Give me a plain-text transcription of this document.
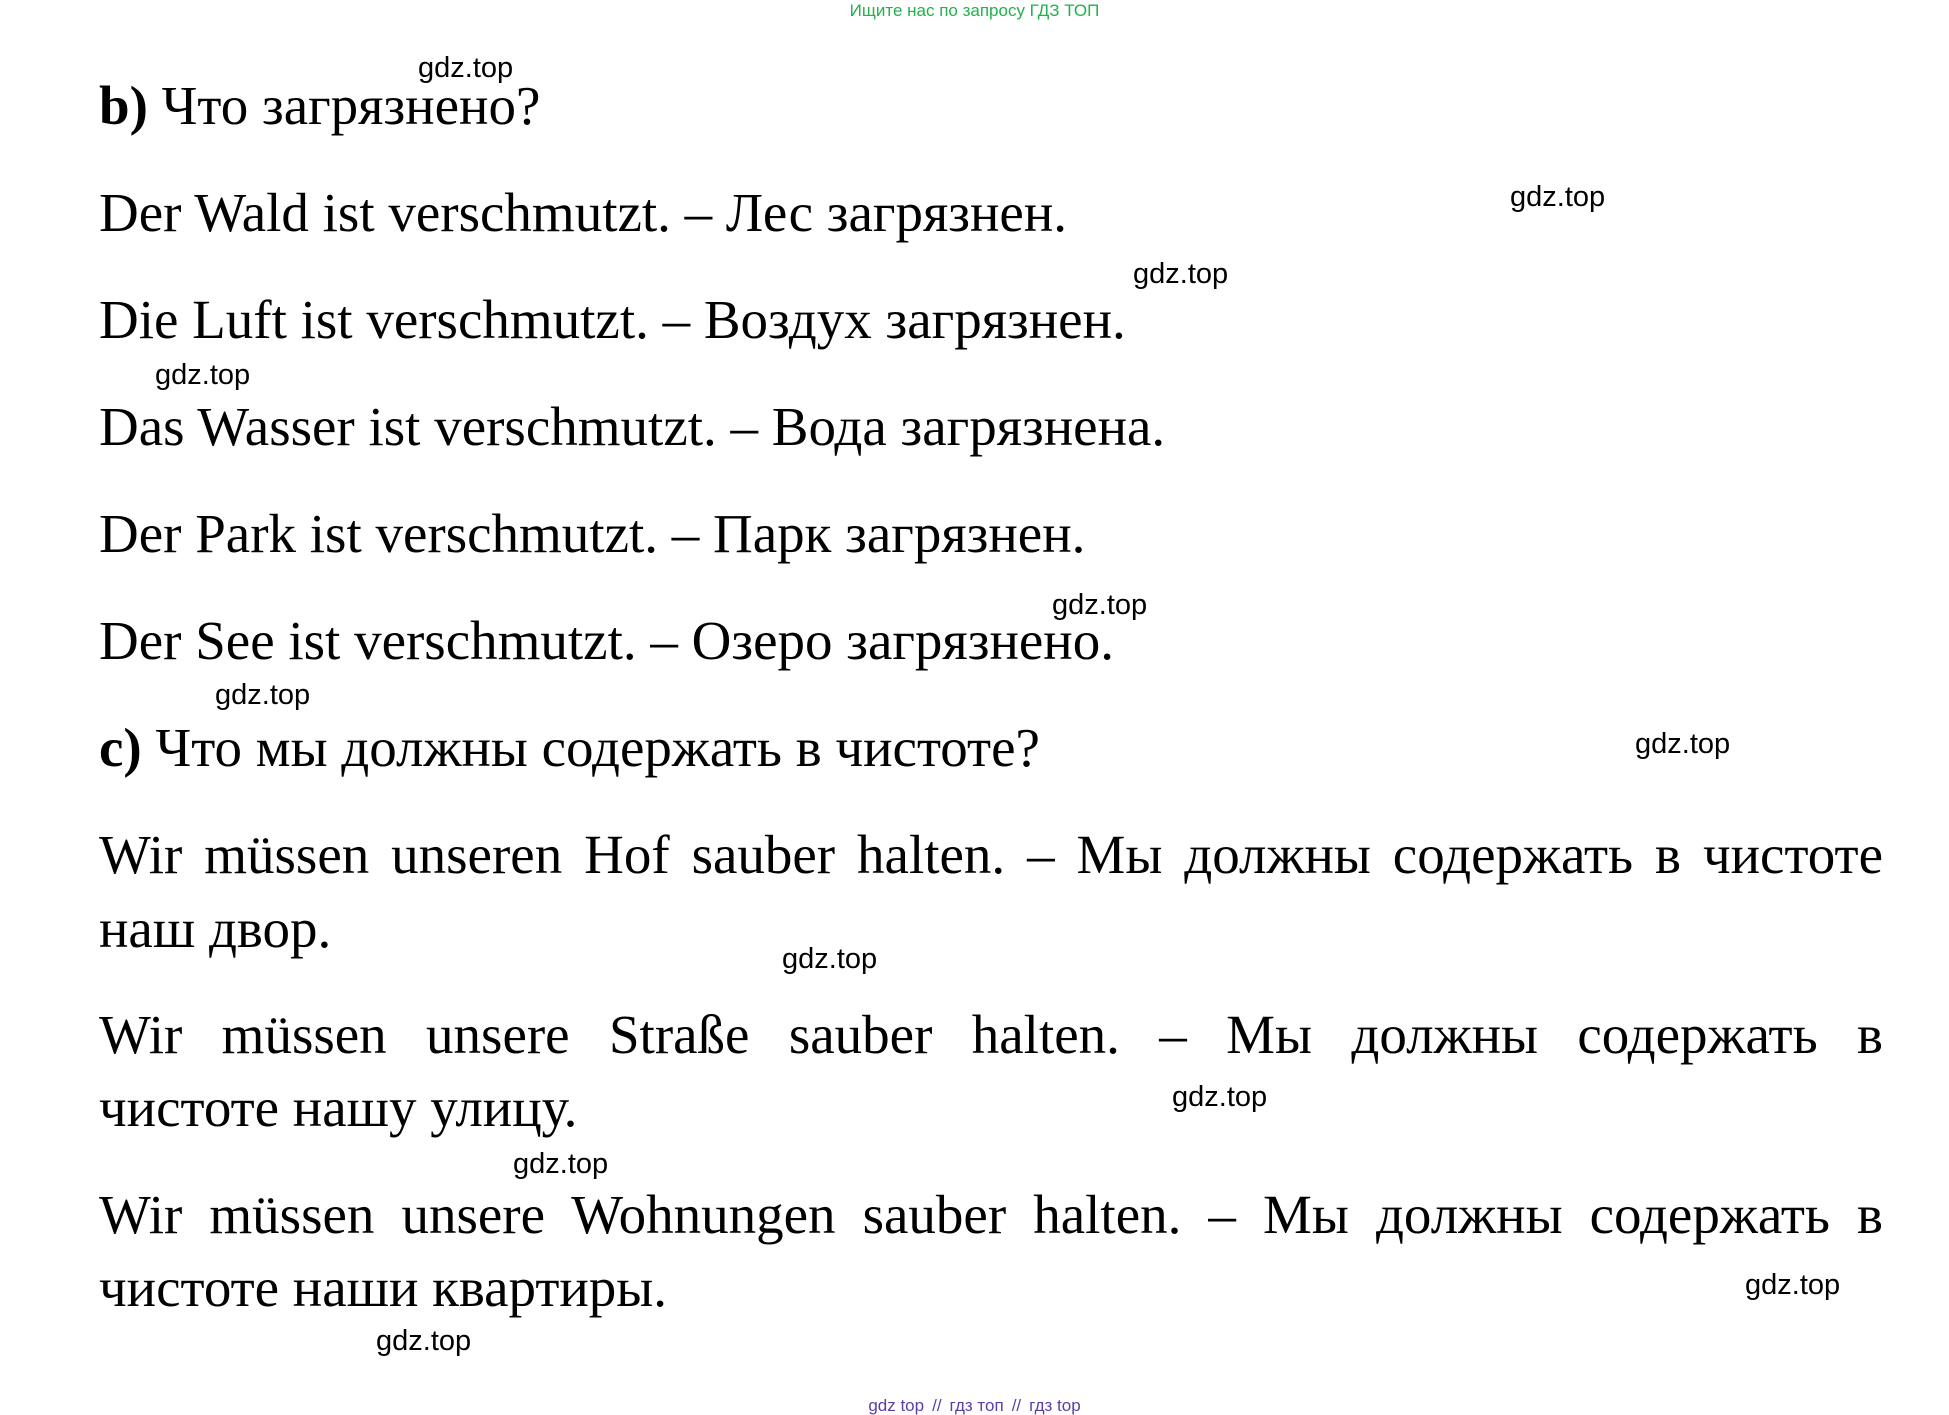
Ищите нас по запросу ГДЗ ТОП
b) Что загрязнено?
Der Wald ist verschmutzt. – Лес загрязнен.
Die Luft ist verschmutzt. – Воздух загрязнен.
Das Wasser ist verschmutzt. – Вода загрязнена.
Der Park ist verschmutzt. – Парк загрязнен.
Der See ist verschmutzt. – Озеро загрязнено.
c) Что мы должны содержать в чистоте?
Wir müssen unseren Hof sauber halten. – Мы должны содержать в чистоте
наш двор.
Wir müssen unsere Straße sauber halten. – Мы должны содержать в
чистоте нашу улицу.
Wir müssen unsere Wohnungen sauber halten. – Мы должны содержать в
чистоте наши квартиры.
gdz.top
gdz.top
gdz.top
gdz.top
gdz.top
gdz.top
gdz.top
gdz.top
gdz.top
gdz.top
gdz.top
gdz.top
gdz top // гдз топ // гдз top
